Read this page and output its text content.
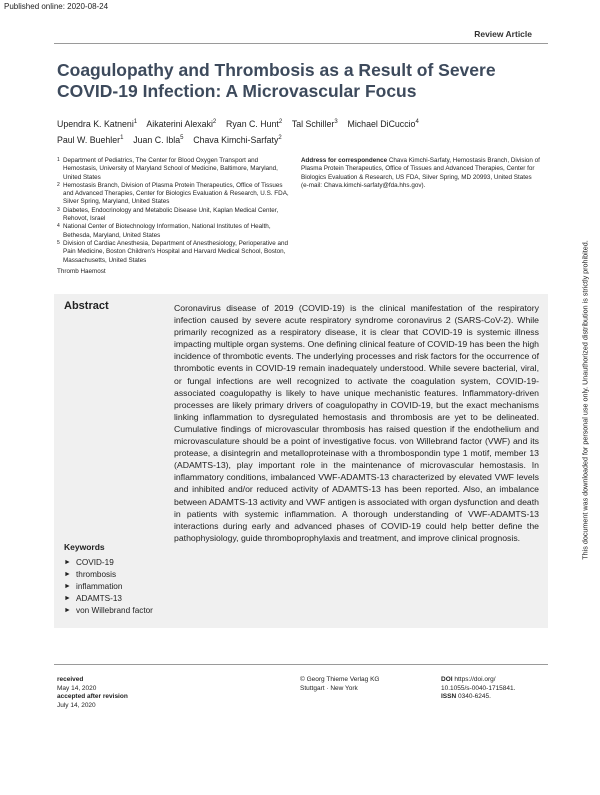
Published online: 2020-08-24
Review Article
Coagulopathy and Thrombosis as a Result of Severe COVID-19 Infection: A Microvascular Focus
Upendra K. Katneni$^1$ Aikaterini Alexaki$^2$ Ryan C. Hunt$^2$ Tal Schiller$^3$ Michael DiCuccio$^4$
Paul W. Buehler$^1$ Juan C. Ibla$^5$ Chava Kimchi-Sarfaty$^2$
1 Department of Pediatrics, The Center for Blood Oxygen Transport and Hemostasis, University of Maryland School of Medicine, Baltimore, Maryland, United States
2 Hemostasis Branch, Division of Plasma Protein Therapeutics, Office of Tissues and Advanced Therapies, Center for Biologics Evaluation & Research, U.S. FDA, Silver Spring, Maryland, United States
3 Diabetes, Endocrinology and Metabolic Disease Unit, Kaplan Medical Center, Rehovot, Israel
4 National Center of Biotechnology Information, National Institutes of Health, Bethesda, Maryland, United States
5 Division of Cardiac Anesthesia, Department of Anesthesiology, Perioperative and Pain Medicine, Boston Children's Hospital and Harvard Medical School, Boston, Massachusetts, United States
Address for correspondence Chava Kimchi-Sarfaty, Hemostasis Branch, Division of Plasma Protein Therapeutics, Office of Tissues and Advanced Therapies, Center for Biologics Evaluation & Research, US FDA, Silver Spring, MD 20993, United States (e-mail: Chava.kimchi-sarfaty@fda.hhs.gov).
Thromb Haemost
Abstract	Coronavirus disease of 2019 (COVID-19) is the clinical manifestation of the respiratory infection caused by severe acute respiratory syndrome coronavirus 2 (SARS-CoV-2). While primarily recognized as a respiratory disease, it is clear that COVID-19 is systemic illness impacting multiple organ systems. One defining clinical feature of COVID-19 has been the high incidence of thrombotic events. The underlying processes and risk factors for the occurrence of thrombotic events in COVID-19 remain inadequately understood. While severe bacterial, viral, or fungal infections are well recognized to activate the coagulation system, COVID-19-associated coagulopathy is likely to have unique mechanistic features. Inflammatory-driven processes are likely primary drivers of coagulopathy in COVID-19, but the exact mechanisms linking inflammation to dysregulated hemostasis and thrombosis are yet to be delineated. Cumulative findings of microvascular thrombosis has raised question if the endothelium and microvasculature should be a point of investigative focus. von Willebrand factor (VWF) and its protease, a disintegrin and metalloproteinase with a thrombospondin type 1 motif, member 13 (ADAMTS-13), play important role in the maintenance of microvascular hemostasis. In inflammatory conditions, imbalanced VWF-ADAMTS-13 characterized by elevated VWF levels and inhibited and/or reduced activity of ADAMTS-13 has been reported. Also, an imbalance between ADAMTS-13 activity and VWF antigen is associated with organ dysfunction and death in patients with systemic inflammation. A thorough understanding of VWF-ADAMTS-13 interactions during early and advanced phases of COVID-19 could help better define the pathophysiology, guide thromboprophylaxis and treatment, and improve clinical prognosis.
Keywords
► COVID-19
► thrombosis
► inflammation
► ADAMTS-13
► von Willebrand factor
received
May 14, 2020
accepted after revision
July 14, 2020
© Georg Thieme Verlag KG
Stuttgart · New York
DOI https://doi.org/
10.1055/s-0040-1715841.
ISSN 0340-6245.
This document was downloaded for personal use only. Unauthorized distribution is strictly prohibited.
